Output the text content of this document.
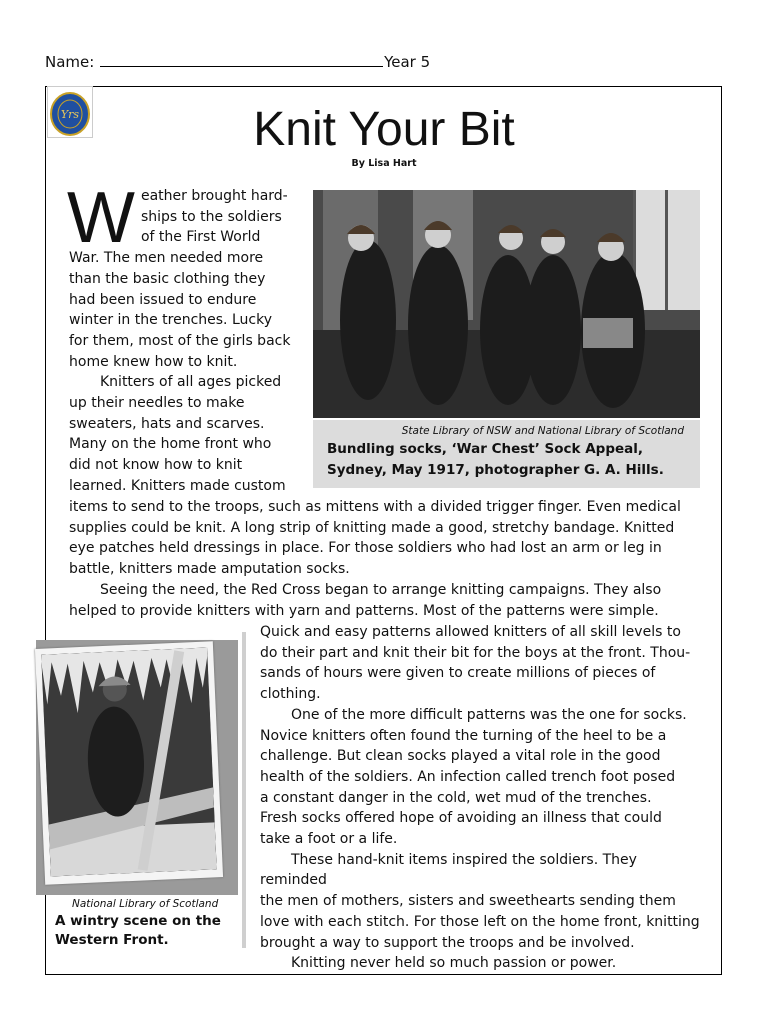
Name:	Year 5
Yrs	Knit Your Bit
By Lisa Hart
W eather brought hard-
ships to the soldiers
of the First World
War. The men needed more
than the basic clothing they
had been issued to endure
winter in the trenches. Lucky
for them, most of the girls back
home knew how to knit.

Knitters of all ages picked

up their needles to make
sweaters, hats and scarves.
Many on the home front who
did not know how to knit
learned. Knitters made custom

State Library of NSW and National Library of Scotland
Bundling socks, ‘War Chest’ Sock Appeal,
Sydney, May 1917, photographer G. A. Hills.
items to send to the troops, such as mittens with a divided trigger finger. Even medical
supplies could be knit. A long strip of knitting made a good, stretchy bandage. Knitted
eye patches held dressings in place. For those soldiers who had lost an arm or leg in
battle, knitters made amputation socks.
Seeing the need, the Red Cross began to arrange knitting campaigns. They also
helped to provide knitters with yarn and patterns. Most of the patterns were simple.
National Library of Scotland
A wintry scene on the
Western Front.

Quick and easy patterns allowed knitters of all skill levels to
do their part and knit their bit for the boys at the front. Thou-
sands of hours were given to create millions of pieces of
clothing.

One of the more difficult patterns was the one for socks.
Novice knitters often found the turning of the heel to be a
challenge. But clean socks played a vital role in the good
health of the soldiers. An infection called trench foot posed
a constant danger in the cold, wet mud of the trenches.
Fresh socks offered hope of avoiding an illness that could
take a foot or a life.

These hand-knit items inspired the soldiers. They reminded
the men of mothers, sisters and sweethearts sending them
love with each stitch. For those left on the home front, knitting
brought a way to support the troops and be involved.

Knitting never held so much passion or power.
